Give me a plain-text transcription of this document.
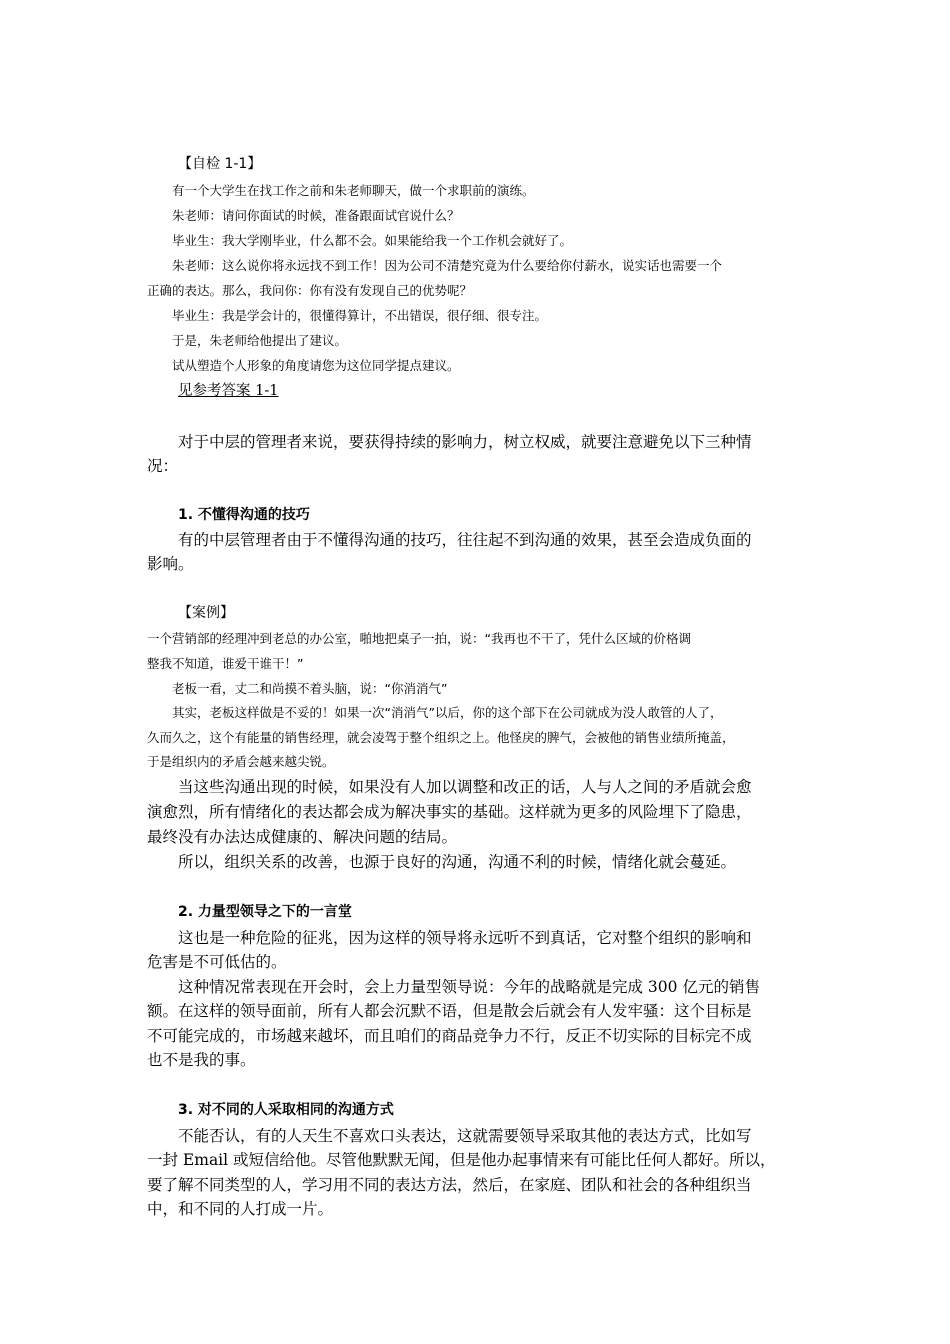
【自检 1-1】
有一个大学生在找工作之前和朱老师聊天，做一个求职前的演练。
朱老师：请问你面试的时候，准备跟面试官说什么？
毕业生：我大学刚毕业，什么都不会。如果能给我一个工作机会就好了。
朱老师：这么说你将永远找不到工作！因为公司不清楚究竟为什么要给你付薪水，说实话也需要一个
正确的表达。那么，我问你：你有没有发现自己的优势呢？
毕业生：我是学会计的，很懂得算计，不出错误，很仔细、很专注。
于是，朱老师给他提出了建议。
试从塑造个人形象的角度请您为这位同学提点建议。
见参考答案 1-1
对于中层的管理者来说，要获得持续的影响力，树立权威，就要注意避免以下三种情
况：
1. 不懂得沟通的技巧
有的中层管理者由于不懂得沟通的技巧，往往起不到沟通的效果，甚至会造成负面的
影响。
【案例】
一个营销部的经理冲到老总的办公室，啪地把桌子一拍，说：“我再也不干了，凭什么区域的价格调
整我不知道，谁爱干谁干！”
老板一看，丈二和尚摸不着头脑，说：“你消消气”
其实，老板这样做是不妥的！如果一次“消消气”以后，你的这个部下在公司就成为没人敢管的人了，
久而久之，这个有能量的销售经理，就会凌驾于整个组织之上。他怪戾的脾气，会被他的销售业绩所掩盖，
于是组织内的矛盾会越来越尖锐。
当这些沟通出现的时候，如果没有人加以调整和改正的话，人与人之间的矛盾就会愈
演愈烈，所有情绪化的表达都会成为解决事实的基础。这样就为更多的风险埋下了隐患，
最终没有办法达成健康的、解决问题的结局。
所以，组织关系的改善，也源于良好的沟通，沟通不利的时候，情绪化就会蔓延。
2. 力量型领导之下的一言堂
这也是一种危险的征兆，因为这样的领导将永远听不到真话，它对整个组织的影响和
危害是不可低估的。
这种情况常表现在开会时，会上力量型领导说：今年的战略就是完成 300 亿元的销售
额。在这样的领导面前，所有人都会沉默不语，但是散会后就会有人发牢骚：这个目标是
不可能完成的，市场越来越坏，而且咱们的商品竞争力不行，反正不切实际的目标完不成
也不是我的事。
3. 对不同的人采取相同的沟通方式
不能否认，有的人天生不喜欢口头表达，这就需要领导采取其他的表达方式，比如写
一封 Email 或短信给他。尽管他默默无闻，但是他办起事情来有可能比任何人都好。所以，
要了解不同类型的人，学习用不同的表达方法，然后，在家庭、团队和社会的各种组织当
中，和不同的人打成一片。
